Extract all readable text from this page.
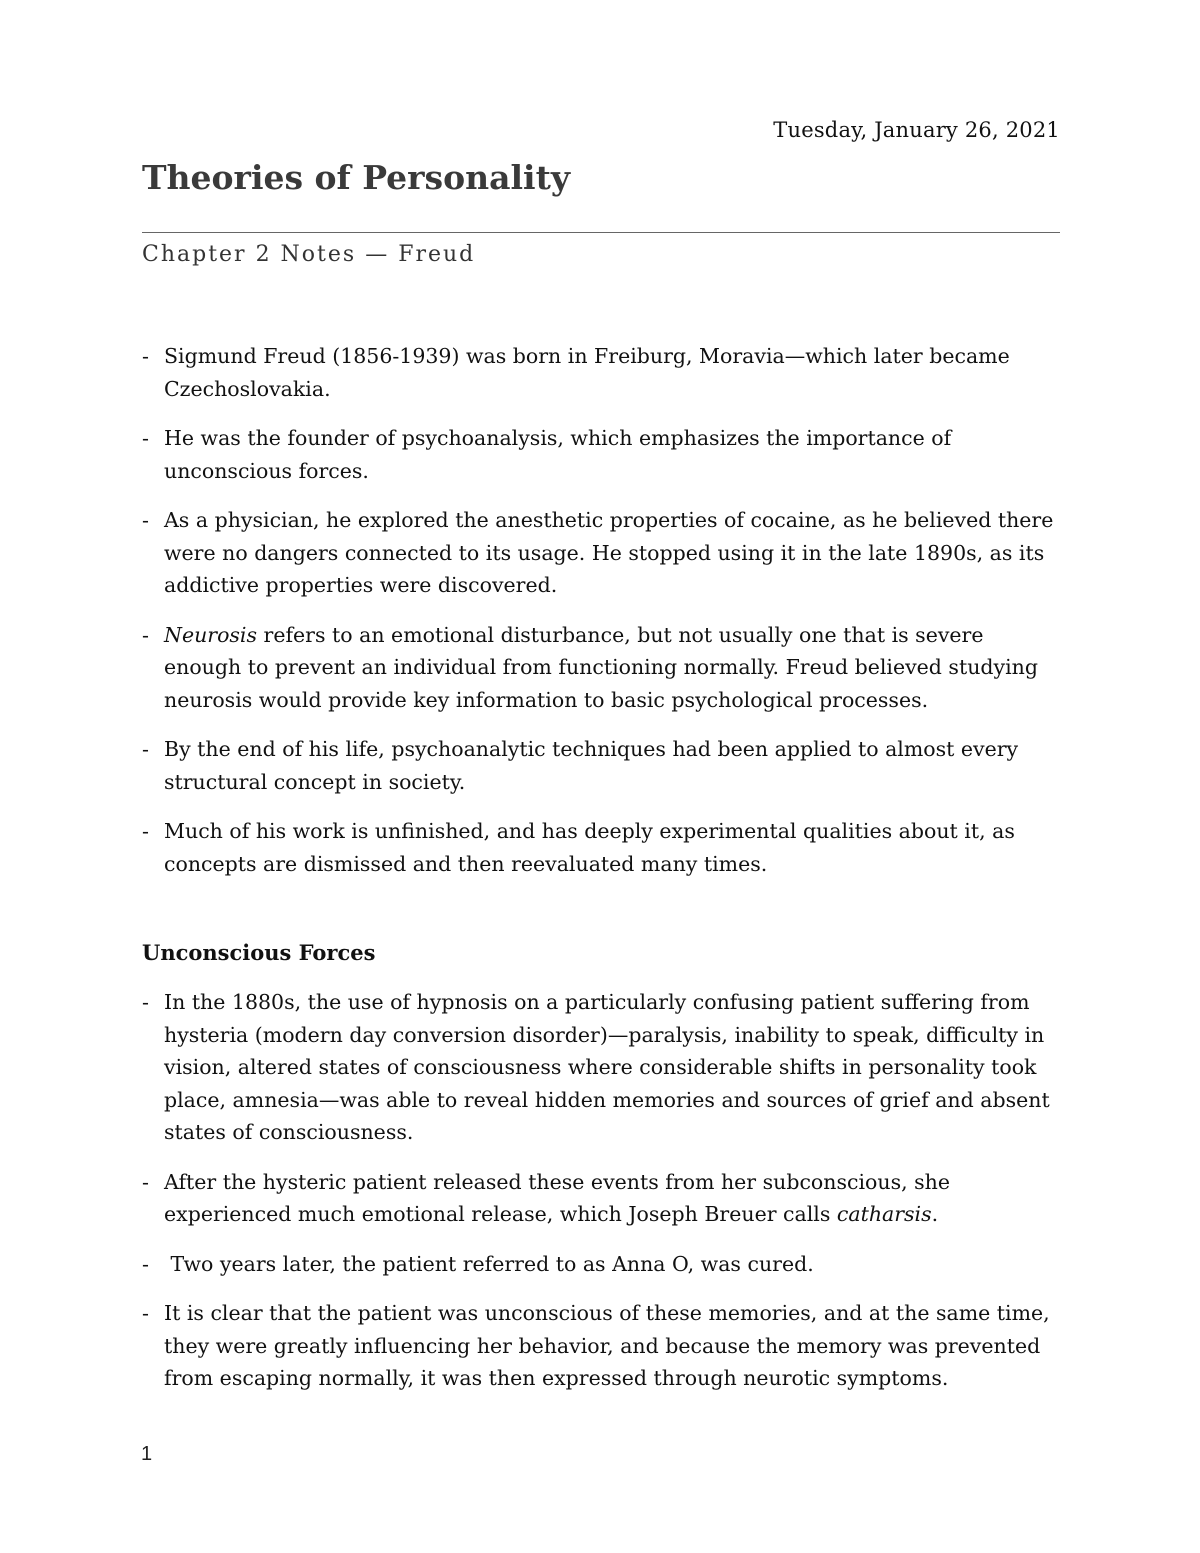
Tuesday, January 26, 2021
Theories of Personality
Chapter 2 Notes — Freud
- Sigmund Freud (1856-1939) was born in Freiburg, Moravia—which later became Czechoslovakia.
- He was the founder of psychoanalysis, which emphasizes the importance of unconscious forces.
- As a physician, he explored the anesthetic properties of cocaine, as he believed there were no dangers connected to its usage. He stopped using it in the late 1890s, as its addictive properties were discovered.
- Neurosis refers to an emotional disturbance, but not usually one that is severe enough to prevent an individual from functioning normally. Freud believed studying neurosis would provide key information to basic psychological processes.
- By the end of his life, psychoanalytic techniques had been applied to almost every structural concept in society.
- Much of his work is unfinished, and has deeply experimental qualities about it, as concepts are dismissed and then reevaluated many times.
Unconscious Forces
- In the 1880s, the use of hypnosis on a particularly confusing patient suffering from hysteria (modern day conversion disorder)—paralysis, inability to speak, difficulty in vision, altered states of consciousness where considerable shifts in personality took place, amnesia—was able to reveal hidden memories and sources of grief and absent states of consciousness.
- After the hysteric patient released these events from her subconscious, she experienced much emotional release, which Joseph Breuer calls catharsis.
- Two years later, the patient referred to as Anna O, was cured.
- It is clear that the patient was unconscious of these memories, and at the same time, they were greatly influencing her behavior, and because the memory was prevented from escaping normally, it was then expressed through neurotic symptoms.
1
